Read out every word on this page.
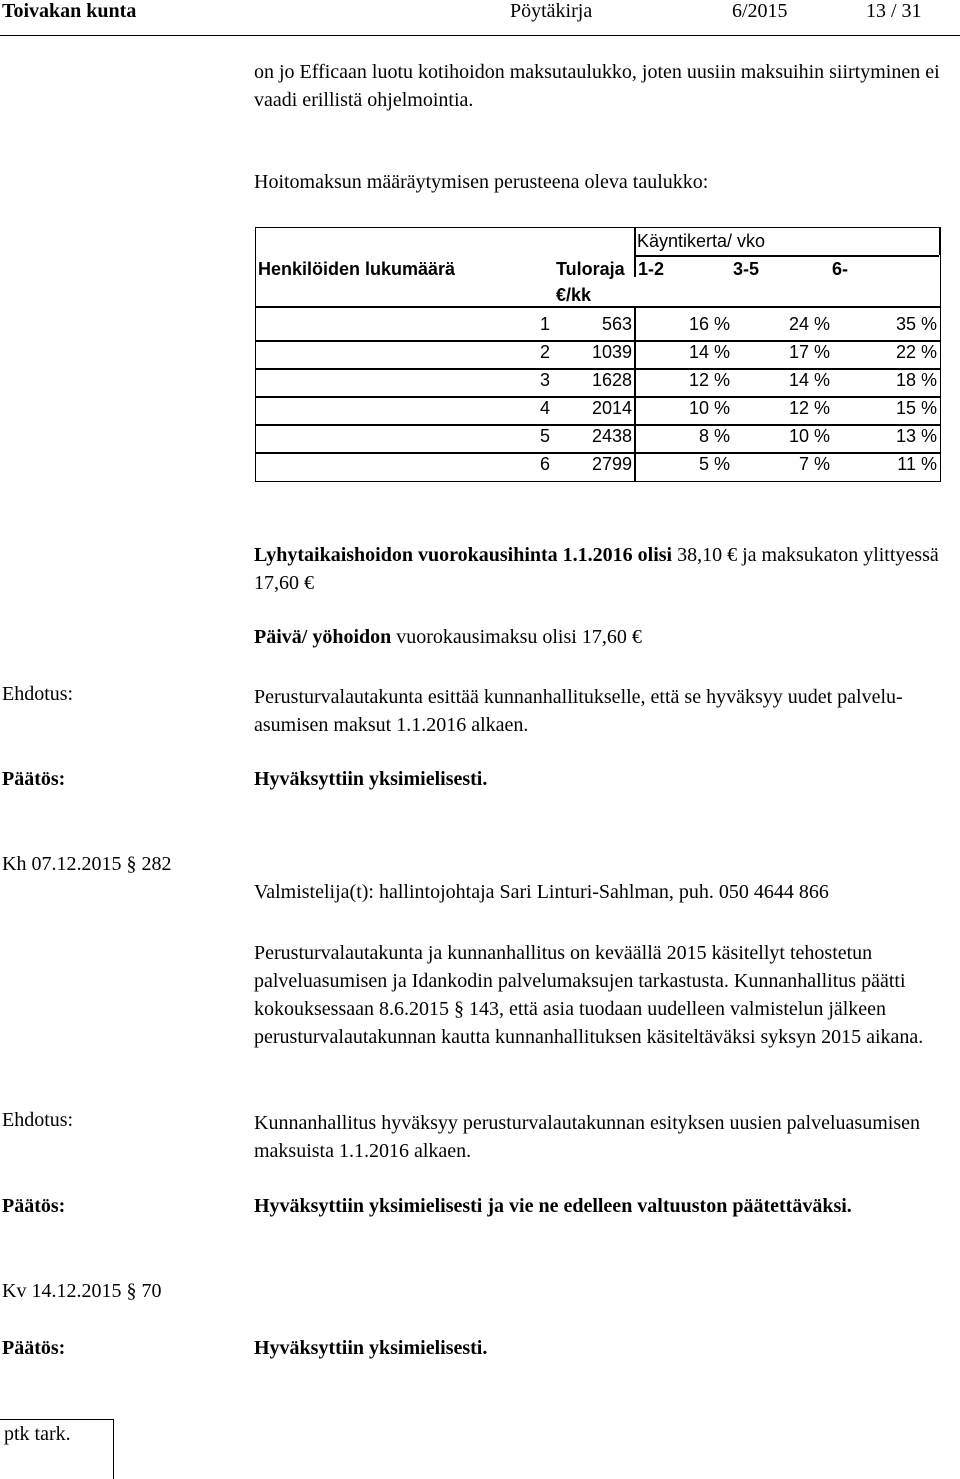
Toivakan kunta	Pöytäkirja	6/2015	13 / 31
on jo Efficaan luotu kotihoidon maksutaulukko, joten uusiin maksuihin siirtyminen ei vaadi erillistä ohjelmointia.
Hoitomaksun määräytymisen perusteena oleva taulukko:
Käyntikerta/ vko
Henkilöiden lukumäärä	Tuloraja
€/kk
1-2	3-5	6-
1	563	16 %	24 %	35 %
2	1039	14 %	17 %	22 %
3	1628	12 %	14 %	18 %
4	2014	10 %	12 %	15 %
5	2438	8 %	10 %	13 %
6	2799	5 %	7 %	11 %
Lyhytaikaishoidon vuorokausihinta 1.1.2016 olisi 38,10 € ja maksukaton ylittyessä 17,60 €
Päivä/ yöhoidon vuorokausimaksu olisi 17,60 €
Ehdotus:	Perusturvalautakunta esittää kunnanhallitukselle, että se hyväksyy uudet palveluasumisen maksut 1.1.2016 alkaen.
Päätös:	Hyväksyttiin yksimielisesti.
Kh 07.12.2015 § 282
Valmistelija(t): hallintojohtaja Sari Linturi-Sahlman, puh. 050 4644 866
Perusturvalautakunta ja kunnanhallitus on keväällä 2015 käsitellyt tehostetun palveluasumisen ja Idankodin palvelumaksujen tarkastusta. Kunnanhallitus päätti kokouksessaan 8.6.2015 § 143, että asia tuodaan uudelleen valmistelun jälkeen perusturvalautakunnan kautta kunnanhallituksen käsiteltäväksi syksyn 2015 aikana.
Ehdotus:	Kunnanhallitus hyväksyy perusturvalautakunnan esityksen uusien palveluasumisen maksuista 1.1.2016 alkaen.
Päätös:	Hyväksyttiin yksimielisesti ja vie ne edelleen valtuuston päätettäväksi.
Kv 14.12.2015 § 70
Päätös:	Hyväksyttiin yksimielisesti.
ptk tark.
